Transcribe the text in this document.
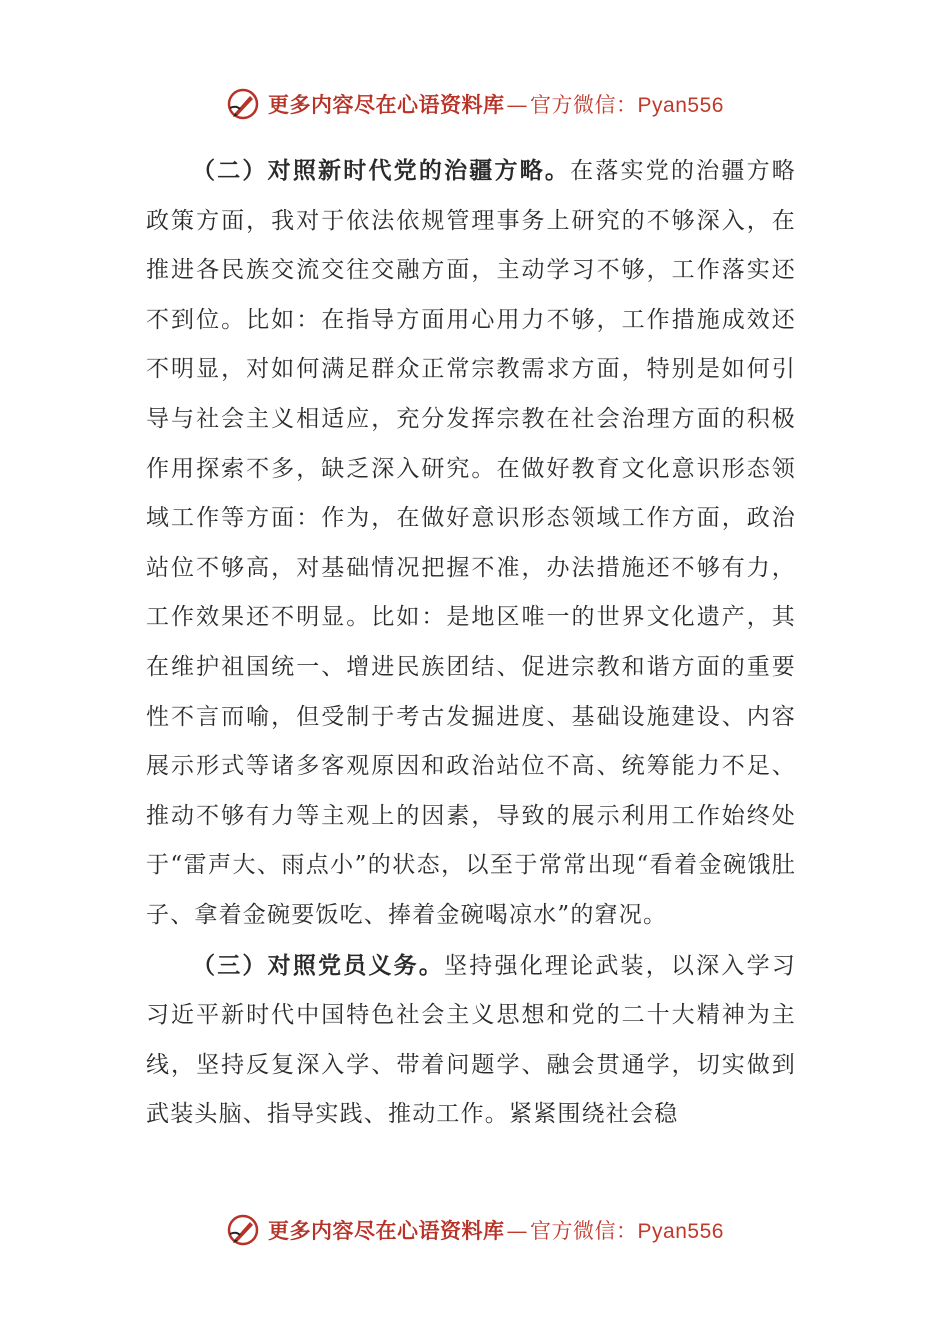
更多内容尽在心语资料库 — 官方微信： Pyan556

（二）对照新时代党的治疆方略。在落实党的治疆方略政策方面，我对于依法依规管理事务上研究的不够深入，在推进各民族交流交往交融方面，主动学习不够，工作落实还不到位。比如：在指导方面用心用力不够，工作措施成效还不明显，对如何满足群众正常宗教需求方面，特别是如何引导与社会主义相适应，充分发挥宗教在社会治理方面的积极作用探索不多，缺乏深入研究。在做好教育文化意识形态领域工作等方面：作为，在做好意识形态领域工作方面，政治站位不够高，对基础情况把握不准，办法措施还不够有力，工作效果还不明显。比如：是地区唯一的世界文化遗产，其在维护祖国统一、增进民族团结、促进宗教和谐方面的重要性不言而喻，但受制于考古发掘进度、基础设施建设、内容展示形式等诸多客观原因和政治站位不高、统筹能力不足、推动不够有力等主观上的因素，导致的展示利用工作始终处于“雷声大、雨点小”的状态，以至于常常出现“看着金碗饿肚子、拿着金碗要饭吃、捧着金碗喝凉水”的窘况。

（三）对照党员义务。坚持强化理论武装，以深入学习习近平新时代中国特色社会主义思想和党的二十大精神为主线，坚持反复深入学、带着问题学、融会贯通学，切实做到武装头脑、指导实践、推动工作。紧紧围绕社会稳

更多内容尽在心语资料库 — 官方微信： Pyan556
